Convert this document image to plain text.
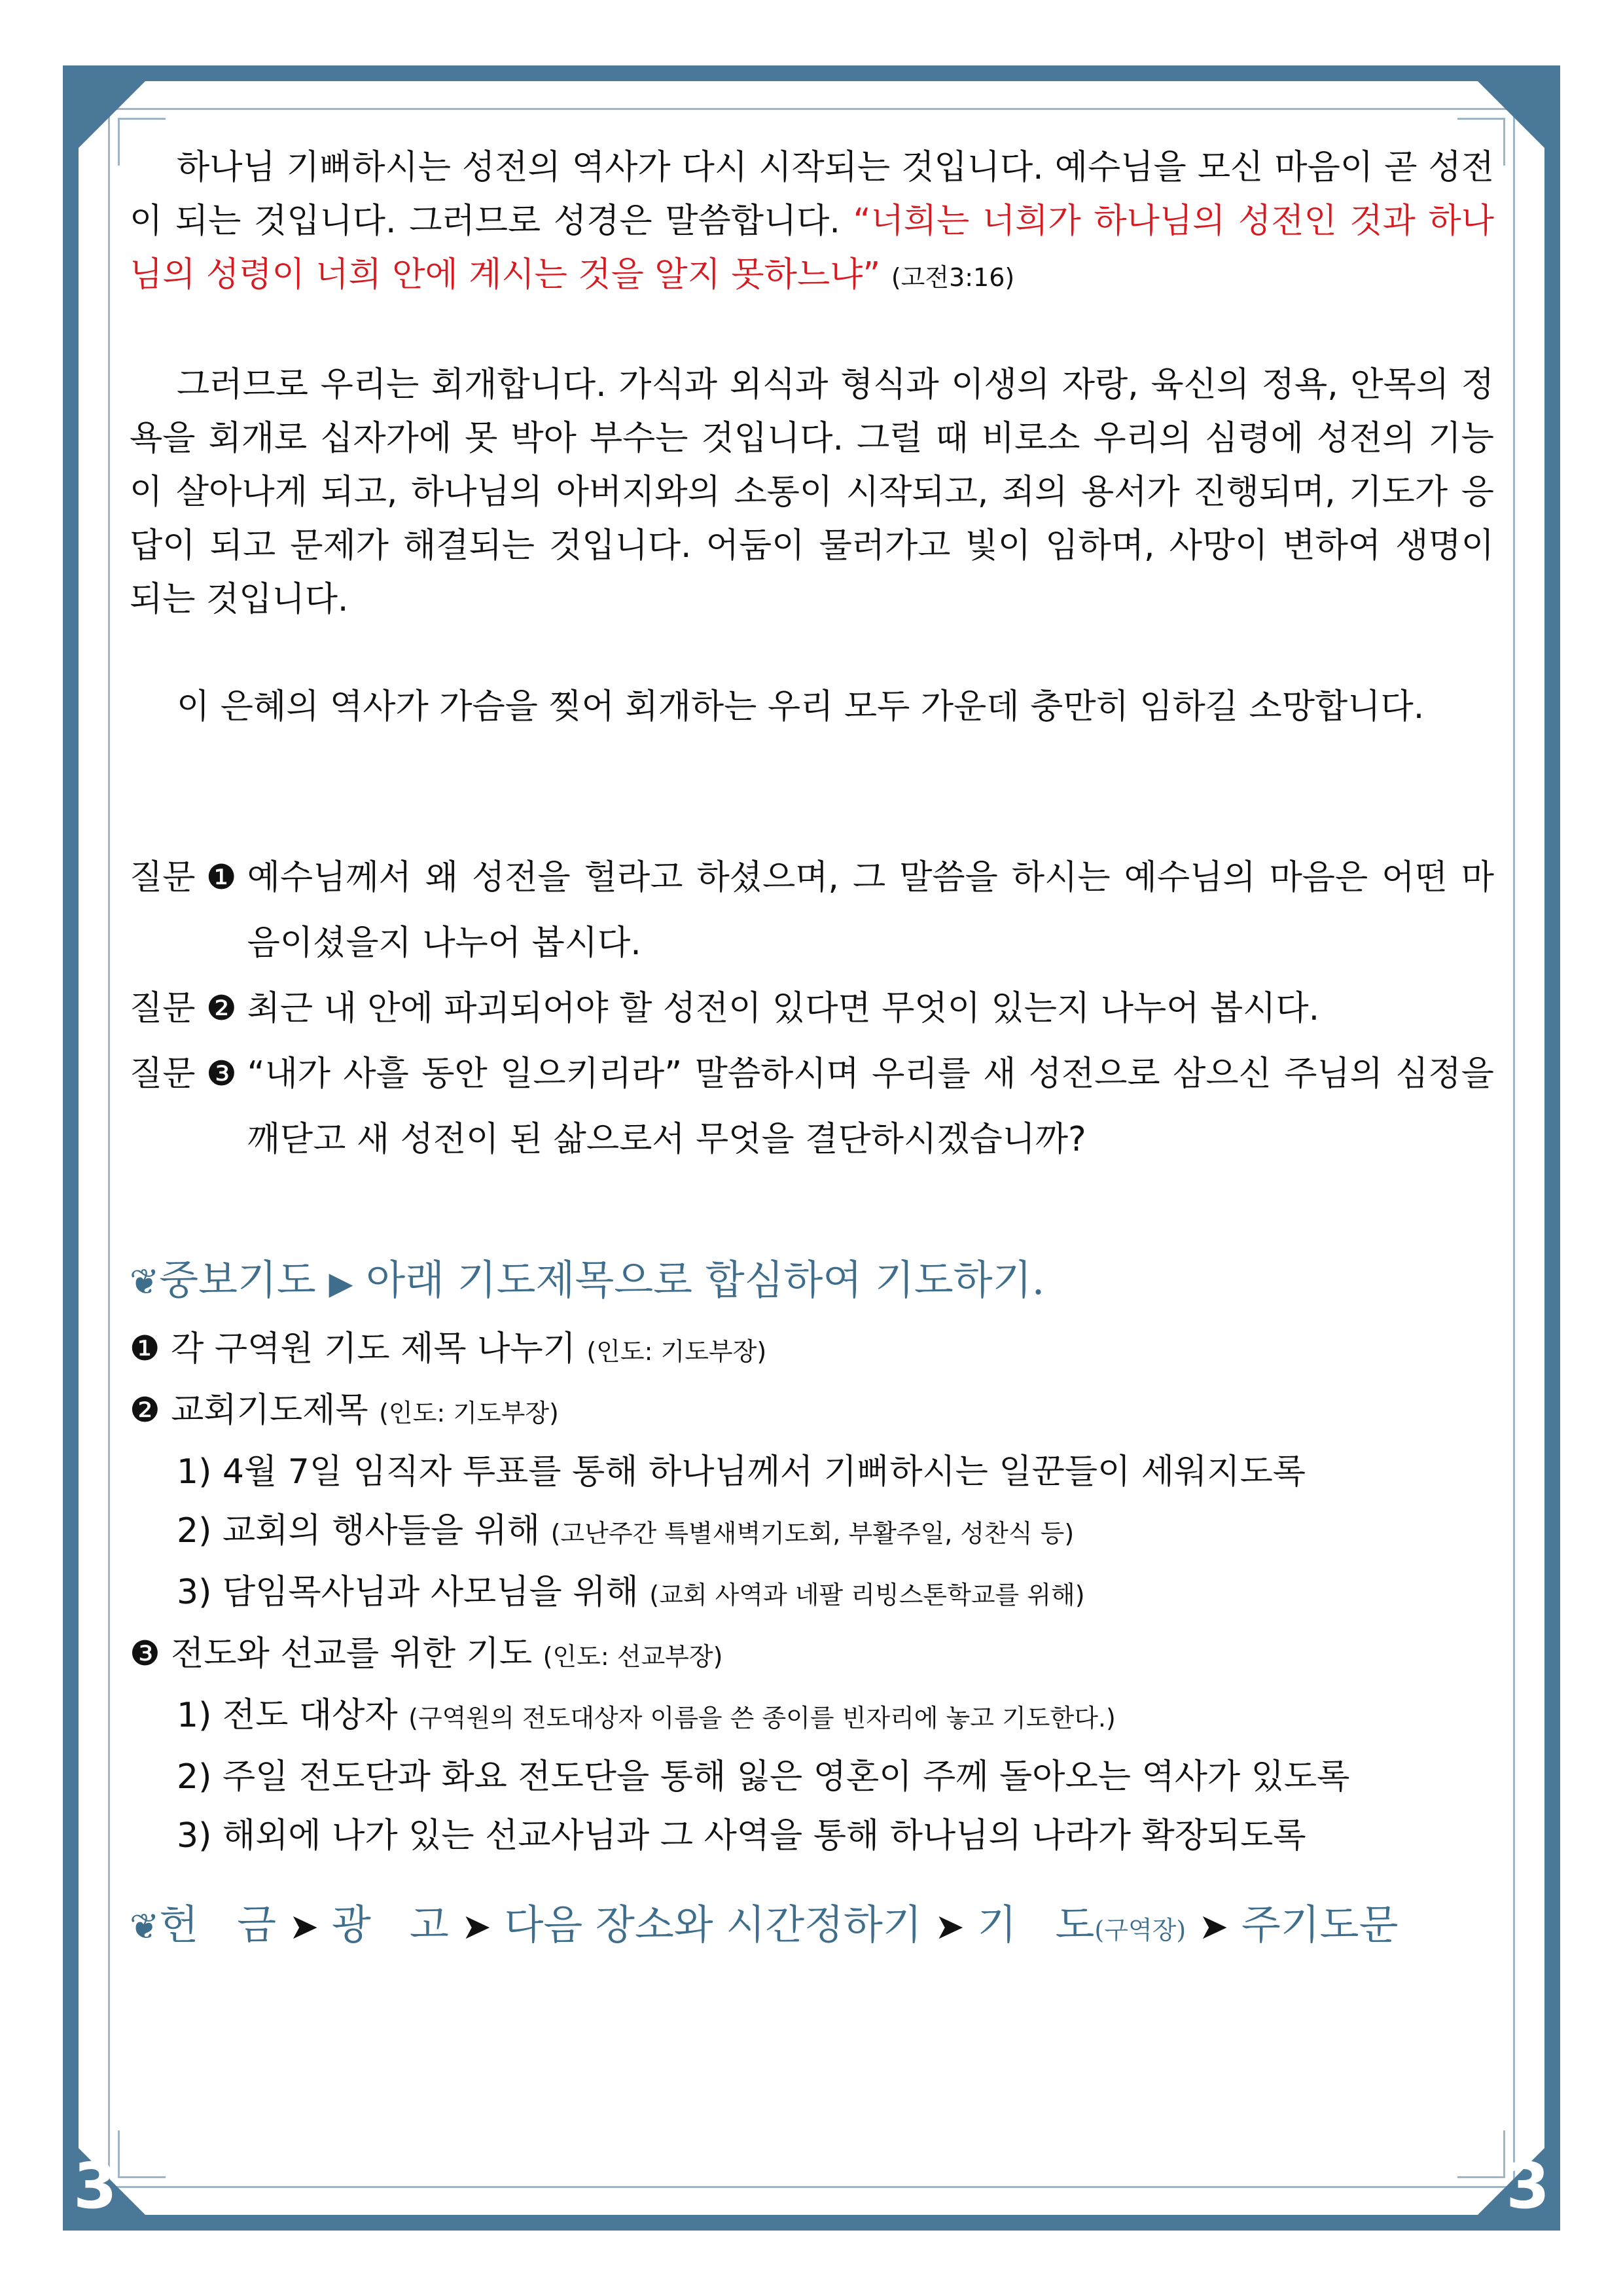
3	3

하나님 기뻐하시는 성전의 역사가 다시 시작되는 것입니다. 예수님을 모신 마음이 곧 성전이 되는 것입니다. 그러므로 성경은 말씀합니다. “너희는 너희가 하나님의 성전인 것과 하나님의 성령이 너희 안에 계시는 것을 알지 못하느냐” (고전3:16)

그러므로 우리는 회개합니다. 가식과 외식과 형식과 이생의 자랑, 육신의 정욕, 안목의 정욕을 회개로 십자가에 못 박아 부수는 것입니다. 그럴 때 비로소 우리의 심령에 성전의 기능이 살아나게 되고, 하나님의 아버지와의 소통이 시작되고, 죄의 용서가 진행되며, 기도가 응답이 되고 문제가 해결되는 것입니다. 어둠이 물러가고 빛이 임하며, 사망이 변하여 생명이 되는 것입니다.

이 은혜의 역사가 가슴을 찢어 회개하는 우리 모두 가운데 충만히 임하길 소망합니다.

질문 ❶ 예수님께서 왜 성전을 헐라고 하셨으며, 그 말씀을 하시는 예수님의 마음은 어떤 마음이셨을지 나누어 봅시다.
질문 ❷ 최근 내 안에 파괴되어야 할 성전이 있다면 무엇이 있는지 나누어 봅시다.
질문 ❸ “내가 사흘 동안 일으키리라” 말씀하시며 우리를 새 성전으로 삼으신 주님의 심정을 깨닫고 새 성전이 된 삶으로서 무엇을 결단하시겠습니까?
❦중보기도 ▶ 아래 기도제목으로 합심하여 기도하기.
❶ 각 구역원 기도 제목 나누기 (인도: 기도부장)
❷ 교회기도제목 (인도: 기도부장)
1) 4월 7일 임직자 투표를 통해 하나님께서 기뻐하시는 일꾼들이 세워지도록
2) 교회의 행사들을 위해 (고난주간 특별새벽기도회, 부활주일, 성찬식 등)
3) 담임목사님과 사모님을 위해 (교회 사역과 네팔 리빙스톤학교를 위해)
❸ 전도와 선교를 위한 기도 (인도: 선교부장)
1) 전도 대상자 (구역원의 전도대상자 이름을 쓴 종이를 빈자리에 놓고 기도한다.)
2) 주일 전도단과 화요 전도단을 통해 잃은 영혼이 주께 돌아오는 역사가 있도록
3) 해외에 나가 있는 선교사님과 그 사역을 통해 하나님의 나라가 확장되도록
❦헌   금 ➤ 광   고 ➤ 다음 장소와 시간정하기 ➤ 기   도(구역장) ➤ 주기도문
